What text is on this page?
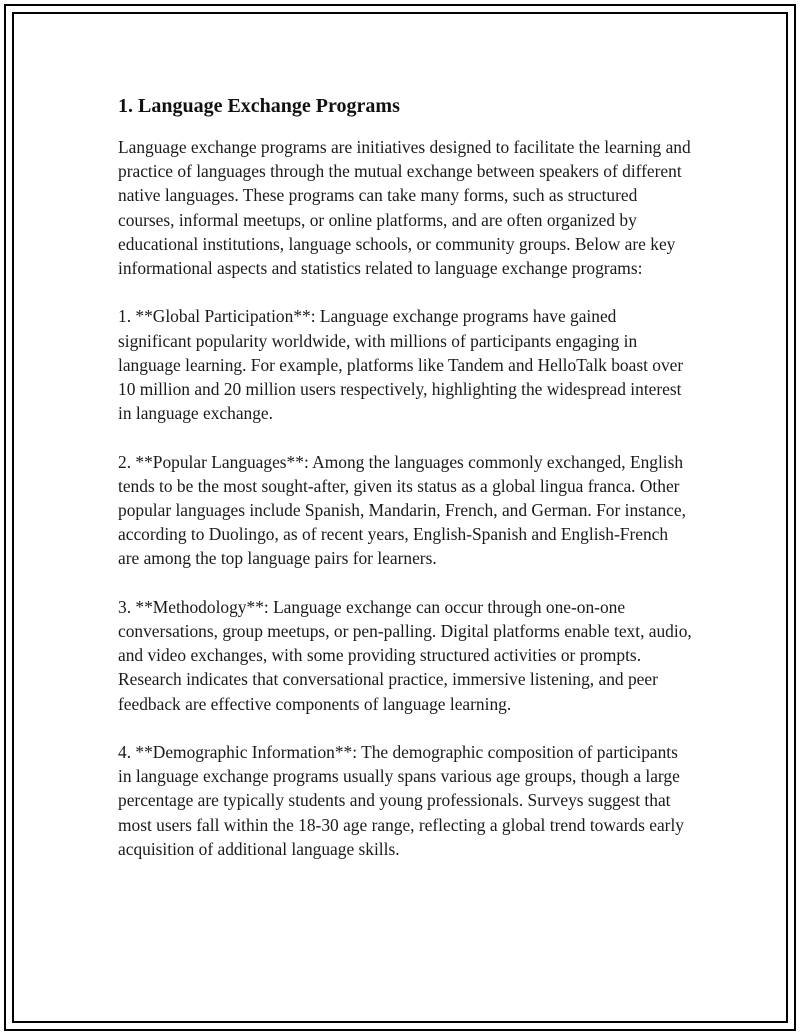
1. Language Exchange Programs

Language exchange programs are initiatives designed to facilitate the learning and practice of languages through the mutual exchange between speakers of different native languages. These programs can take many forms, such as structured courses, informal meetups, or online platforms, and are often organized by educational institutions, language schools, or community groups. Below are key informational aspects and statistics related to language exchange programs:

1. **Global Participation**: Language exchange programs have gained significant popularity worldwide, with millions of participants engaging in language learning. For example, platforms like Tandem and HelloTalk boast over 10 million and 20 million users respectively, highlighting the widespread interest in language exchange.

2. **Popular Languages**: Among the languages commonly exchanged, English tends to be the most sought-after, given its status as a global lingua franca. Other popular languages include Spanish, Mandarin, French, and German. For instance, according to Duolingo, as of recent years, English-Spanish and English-French are among the top language pairs for learners.

3. **Methodology**: Language exchange can occur through one-on-one conversations, group meetups, or pen-palling. Digital platforms enable text, audio, and video exchanges, with some providing structured activities or prompts. Research indicates that conversational practice, immersive listening, and peer feedback are effective components of language learning.

4. **Demographic Information**: The demographic composition of participants in language exchange programs usually spans various age groups, though a large percentage are typically students and young professionals. Surveys suggest that most users fall within the 18-30 age range, reflecting a global trend towards early acquisition of additional language skills.
